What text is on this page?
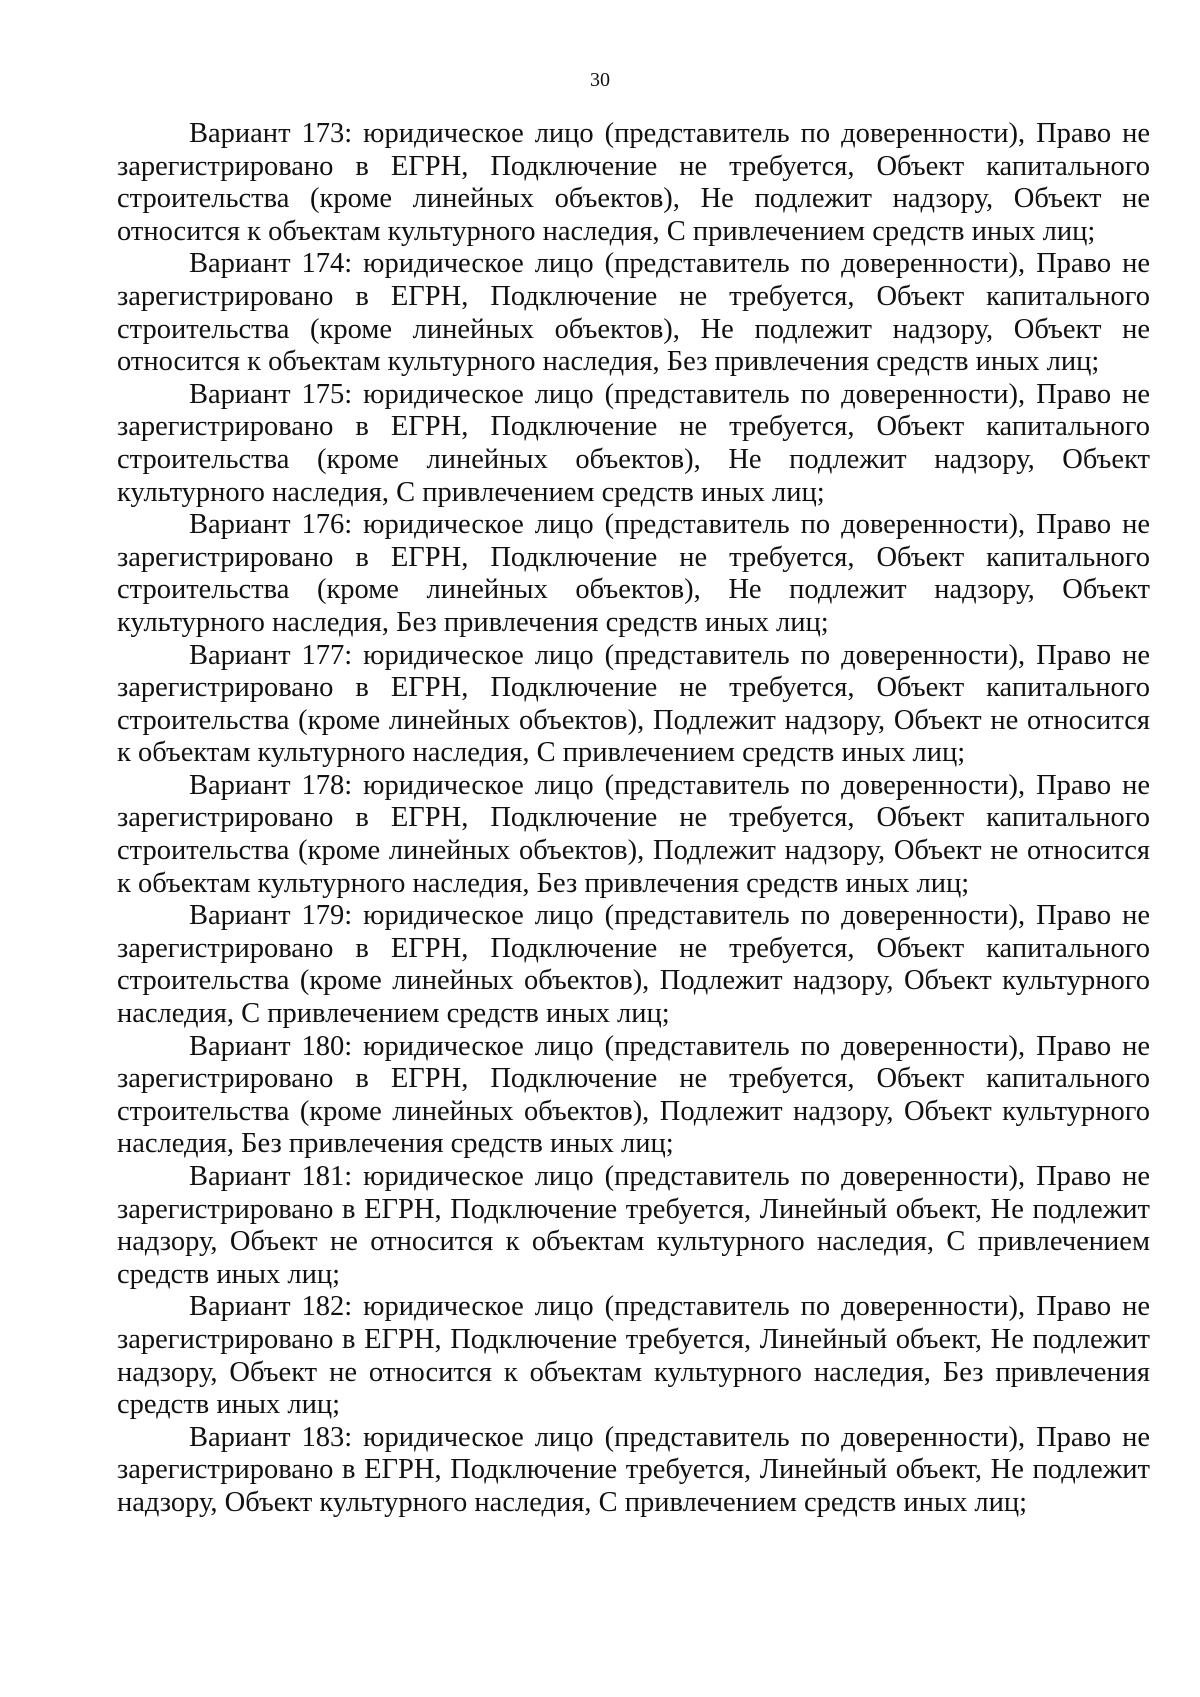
30

Вариант 173: юридическое лицо (представитель по доверенности), Право не зарегистрировано в ЕГРН, Подключение не требуется, Объект капитального строительства (кроме линейных объектов), Не подлежит надзору, Объект не относится к объектам культурного наследия, С привлечением средств иных лиц;

Вариант 174: юридическое лицо (представитель по доверенности), Право не зарегистрировано в ЕГРН, Подключение не требуется, Объект капитального строительства (кроме линейных объектов), Не подлежит надзору, Объект не относится к объектам культурного наследия, Без привлечения средств иных лиц;

Вариант 175: юридическое лицо (представитель по доверенности), Право не зарегистрировано в ЕГРН, Подключение не требуется, Объект капитального строительства (кроме линейных объектов), Не подлежит надзору, Объект культурного наследия, С привлечением средств иных лиц;

Вариант 176: юридическое лицо (представитель по доверенности), Право не зарегистрировано в ЕГРН, Подключение не требуется, Объект капитального строительства (кроме линейных объектов), Не подлежит надзору, Объект культурного наследия, Без привлечения средств иных лиц;

Вариант 177: юридическое лицо (представитель по доверенности), Право не зарегистрировано в ЕГРН, Подключение не требуется, Объект капитального строительства (кроме линейных объектов), Подлежит надзору, Объект не относится к объектам культурного наследия, С привлечением средств иных лиц;

Вариант 178: юридическое лицо (представитель по доверенности), Право не зарегистрировано в ЕГРН, Подключение не требуется, Объект капитального строительства (кроме линейных объектов), Подлежит надзору, Объект не относится к объектам культурного наследия, Без привлечения средств иных лиц;

Вариант 179: юридическое лицо (представитель по доверенности), Право не зарегистрировано в ЕГРН, Подключение не требуется, Объект капитального строительства (кроме линейных объектов), Подлежит надзору, Объект культурного наследия, С привлечением средств иных лиц;

Вариант 180: юридическое лицо (представитель по доверенности), Право не зарегистрировано в ЕГРН, Подключение не требуется, Объект капитального строительства (кроме линейных объектов), Подлежит надзору, Объект культурного наследия, Без привлечения средств иных лиц;

Вариант 181: юридическое лицо (представитель по доверенности), Право не зарегистрировано в ЕГРН, Подключение требуется, Линейный объект, Не подлежит надзору, Объект не относится к объектам культурного наследия, С привлечением средств иных лиц;

Вариант 182: юридическое лицо (представитель по доверенности), Право не зарегистрировано в ЕГРН, Подключение требуется, Линейный объект, Не подлежит надзору, Объект не относится к объектам культурного наследия, Без привлечения средств иных лиц;

Вариант 183: юридическое лицо (представитель по доверенности), Право не зарегистрировано в ЕГРН, Подключение требуется, Линейный объект, Не подлежит надзору, Объект культурного наследия, С привлечением средств иных лиц;
